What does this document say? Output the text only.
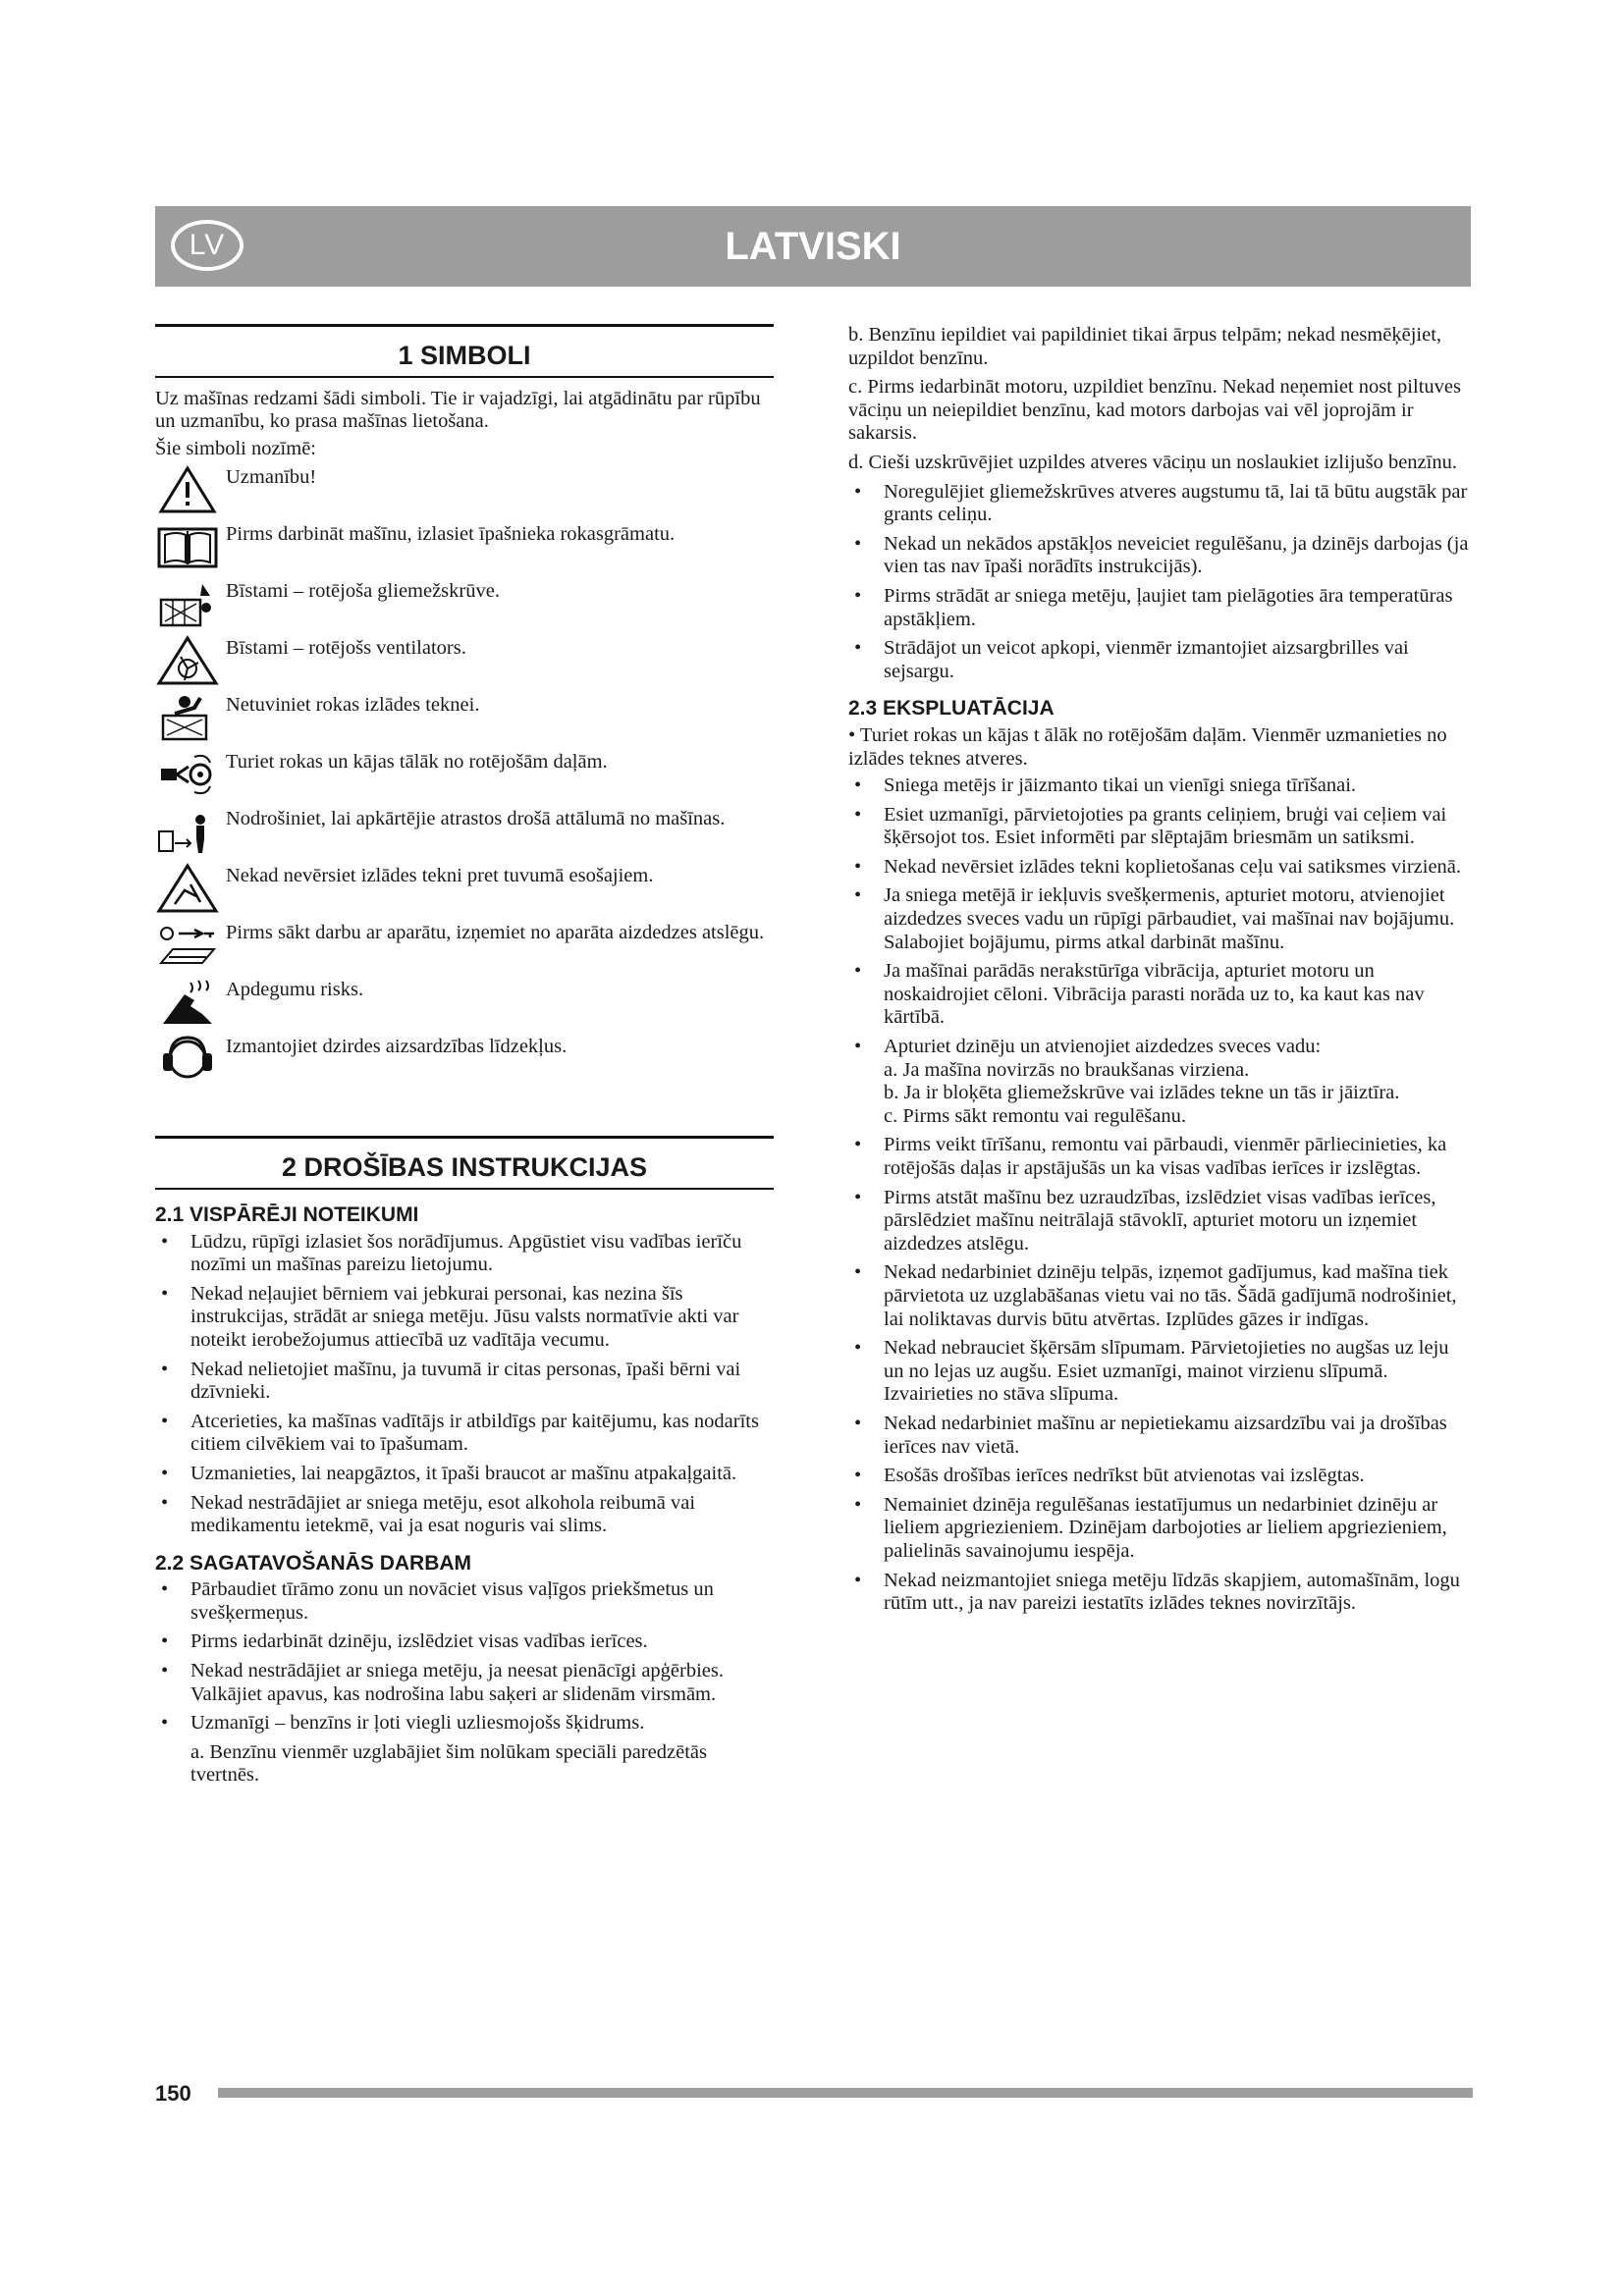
LV	LATVISKI
1 SIMBOLI

Uz mašīnas redzami šādi simboli. Tie ir vajadzīgi, lai atgādinātu par rūpību un uzmanību, ko prasa mašīnas lietošana.

Šie simboli nozīmē:

Uzmanību!
Pirms darbināt mašīnu, izlasiet īpašnieka rokasgrāmatu.
Bīstami – rotējoša gliemežskrūve.
Bīstami – rotējošs ventilators.
Netuviniet rokas izlādes teknei.
Turiet rokas un kājas tālāk no rotējošām daļām.
Nodrošiniet, lai apkārtējie atrastos drošā attālumā no mašīnas.
Nekad nevērsiet izlādes tekni pret tuvumā esošajiem.
Pirms sākt darbu ar aparātu, izņemiet no aparāta aizdedzes atslēgu.
Apdegumu risks.
Izmantojiet dzirdes aizsardzības līdzekļus.
2 DROŠĪBAS INSTRUKCIJAS
2.1 VISPĀRĒJI NOTEIKUMI
• Lūdzu, rūpīgi izlasiet šos norādījumus. Apgūstiet visu vadības ierīču nozīmi un mašīnas pareizu lietojumu.
• Nekad neļaujiet bērniem vai jebkurai personai, kas nezina šīs instrukcijas, strādāt ar sniega metēju. Jūsu valsts normatīvie akti var noteikt ierobežojumus attiecībā uz vadītāja vecumu.
• Nekad nelietojiet mašīnu, ja tuvumā ir citas personas, īpaši bērni vai dzīvnieki.
• Atcerieties, ka mašīnas vadītājs ir atbildīgs par kaitējumu, kas nodarīts citiem cilvēkiem vai to īpašumam.
• Uzmanieties, lai neapgāztos, it īpaši braucot ar mašīnu atpakaļgaitā.
• Nekad nestrādājiet ar sniega metēju, esot alkohola reibumā vai medikamentu ietekmē, vai ja esat noguris vai slims.
2.2 SAGATAVOŠANĀS DARBAM
• Pārbaudiet tīrāmo zonu un novāciet visus vaļīgos priekšmetus un svešķermeņus.
• Pirms iedarbināt dzinēju, izslēdziet visas vadības ierīces.
• Nekad nestrādājiet ar sniega metēju, ja neesat pienācīgi apģērbies. Valkājiet apavus, kas nodrošina labu saķeri ar slidenām virsmām.
• Uzmanīgi – benzīns ir ļoti viegli uzliesmojošs šķidrums.
a. Benzīnu vienmēr uzglabājiet šim nolūkam speciāli paredzētās tvertnēs.
b. Benzīnu iepildiet vai papildiniet tikai ārpus telpām; nekad nesmēķējiet, uzpildot benzīnu.
c. Pirms iedarbināt motoru, uzpildiet benzīnu. Nekad neņemiet nost piltuves vāciņu un neiepildiet benzīnu, kad motors darbojas vai vēl joprojām ir sakarsis.
d. Cieši uzskrūvējiet uzpildes atveres vāciņu un noslaukiet izlijušo benzīnu.
• Noregulējiet gliemežskrūves atveres augstumu tā, lai tā būtu augstāk par grants celiņu.
• Nekad un nekādos apstākļos neveiciet regulēšanu, ja dzinējs darbojas (ja vien tas nav īpaši norādīts instrukcijās).
• Pirms strādāt ar sniega metēju, ļaujiet tam pielāgoties āra temperatūras apstākļiem.
• Strādājot un veicot apkopi, vienmēr izmantojiet aizsargbrilles vai sejsargu.
2.3 EKSPLUATĀCIJA

• Turiet rokas un kājas t ālāk no rotējošām daļām. Vienmēr uzmanieties no izlādes teknes atveres.

• Sniega metējs ir jāizmanto tikai un vienīgi sniega tīrīšanai.
• Esiet uzmanīgi, pārvietojoties pa grants celiņiem, bruģi vai ceļiem vai šķērsojot tos. Esiet informēti par slēptajām briesmām un satiksmi.
• Nekad nevērsiet izlādes tekni koplietošanas ceļu vai satiksmes virzienā.
• Ja sniega metējā ir iekļuvis svešķermenis, apturiet motoru, atvienojiet aizdedzes sveces vadu un rūpīgi pārbaudiet, vai mašīnai nav bojājumu. Salabojiet bojājumu, pirms atkal darbināt mašīnu.
• Ja mašīnai parādās nerakstūrīga vibrācija, apturiet motoru un noskaidrojiet cēloni. Vibrācija parasti norāda uz to, ka kaut kas nav kārtībā.
• Apturiet dzinēju un atvienojiet aizdedzes sveces vadu:
a. Ja mašīna novirzās no braukšanas virziena.
b. Ja ir bloķēta gliemežskrūve vai izlādes tekne un tās ir jāiztīra.
c. Pirms sākt remontu vai regulēšanu.
• Pirms veikt tīrīšanu, remontu vai pārbaudi, vienmēr pārliecinieties, ka rotējošās daļas ir apstājušās un ka visas vadības ierīces ir izslēgtas.
• Pirms atstāt mašīnu bez uzraudzības, izslēdziet visas vadības ierīces, pārslēdziet mašīnu neitrālajā stāvoklī, apturiet motoru un izņemiet aizdedzes atslēgu.
• Nekad nedarbiniet dzinēju telpās, izņemot gadījumus, kad mašīna tiek pārvietota uz uzglabāšanas vietu vai no tās. Šādā gadījumā nodrošiniet, lai noliktavas durvis būtu atvērtas. Izplūdes gāzes ir indīgas.
• Nekad nebrauciet šķērsām slīpumam. Pārvietojieties no augšas uz leju un no lejas uz augšu. Esiet uzmanīgi, mainot virzienu slīpumā. Izvairieties no stāva slīpuma.
• Nekad nedarbiniet mašīnu ar nepietiekamu aizsardzību vai ja drošības ierīces nav vietā.
• Esošās drošības ierīces nedrīkst būt atvienotas vai izslēgtas.
• Nemainiet dzinēja regulēšanas iestatījumus un nedarbiniet dzinēju ar lieliem apgriezieniem. Dzinējam darbojoties ar lieliem apgriezieniem, palielinās savainojumu iespēja.
• Nekad neizmantojiet sniega metēju līdzās skapjiem, automašīnām, logu rūtīm utt., ja nav pareizi iestatīts izlādes teknes novirzītājs.
150
